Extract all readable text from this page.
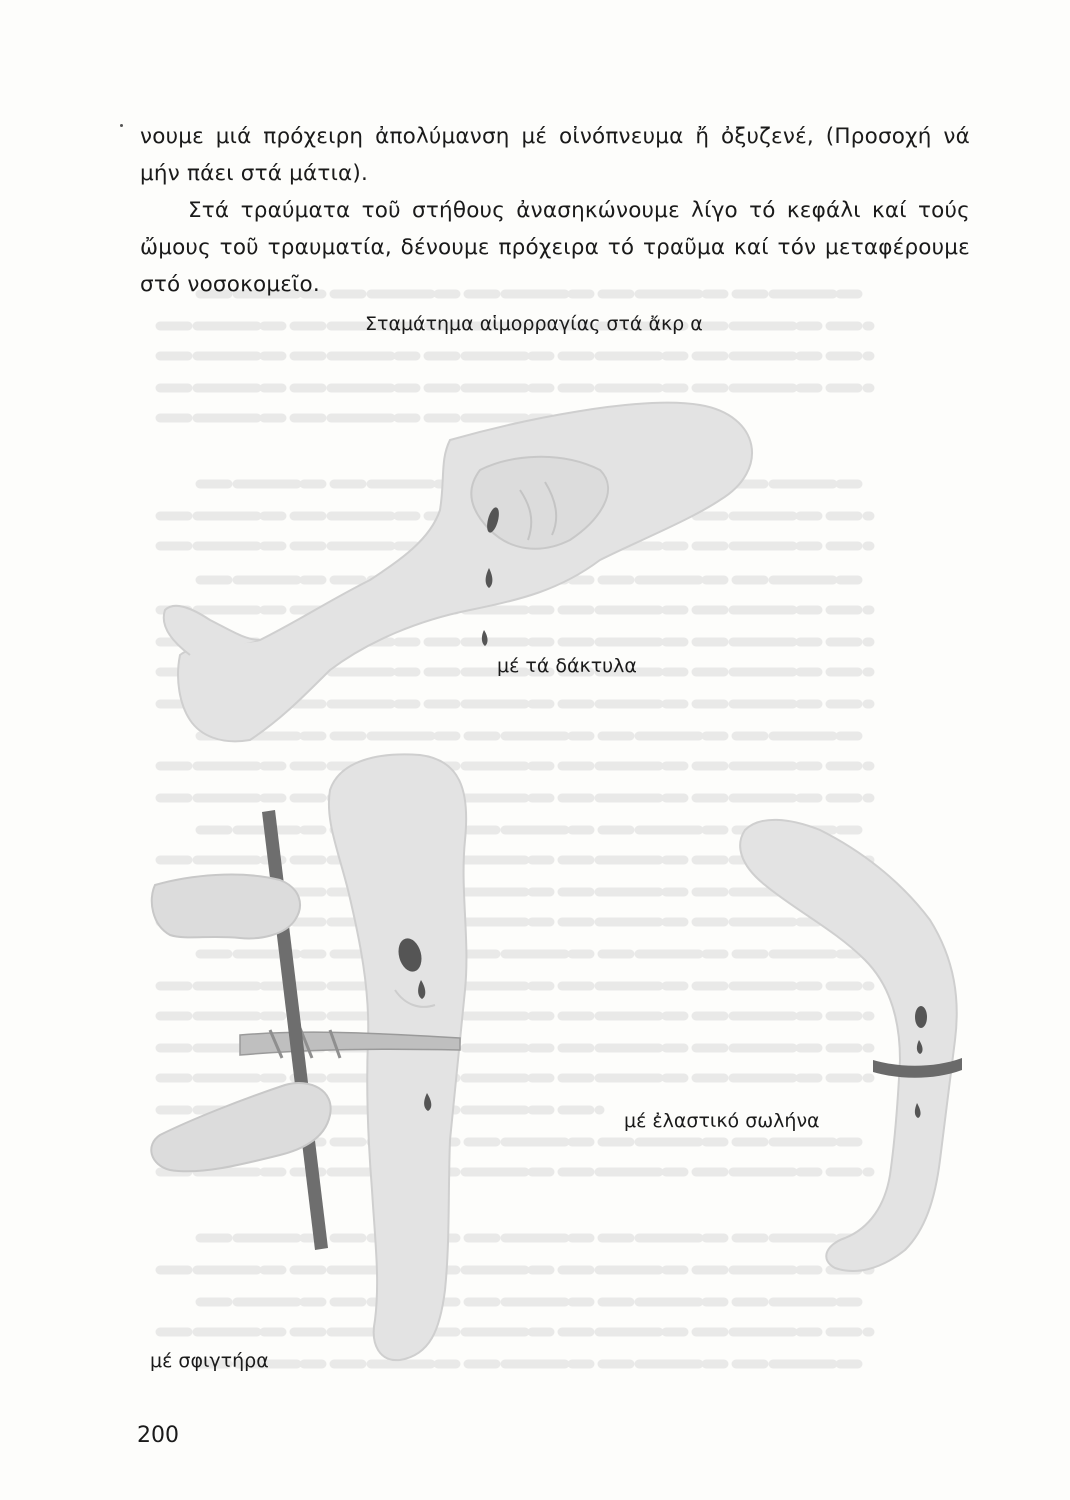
νουμε μιά πρόχειρη ἀπολύμανση μέ οἰνόπνευμα ἤ ὀξυζενέ, (Προσοχή νά μήν πάει στά μάτια).

Στά τραύματα τοῦ στήθους ἀνασηκώνουμε λίγο τό κεφάλι καί τούς ὤμους τοῦ τραυματία, δένουμε πρόχειρα τό τραῦμα καί τόν μεταφέρουμε στό νοσοκομεῖο.

Σταμάτημα αἱμορραγίας στά ἄκρ α
μέ τά δάκτυλα
μέ ἐλαστικό σωλήνα
μέ σφιγτήρα
200
